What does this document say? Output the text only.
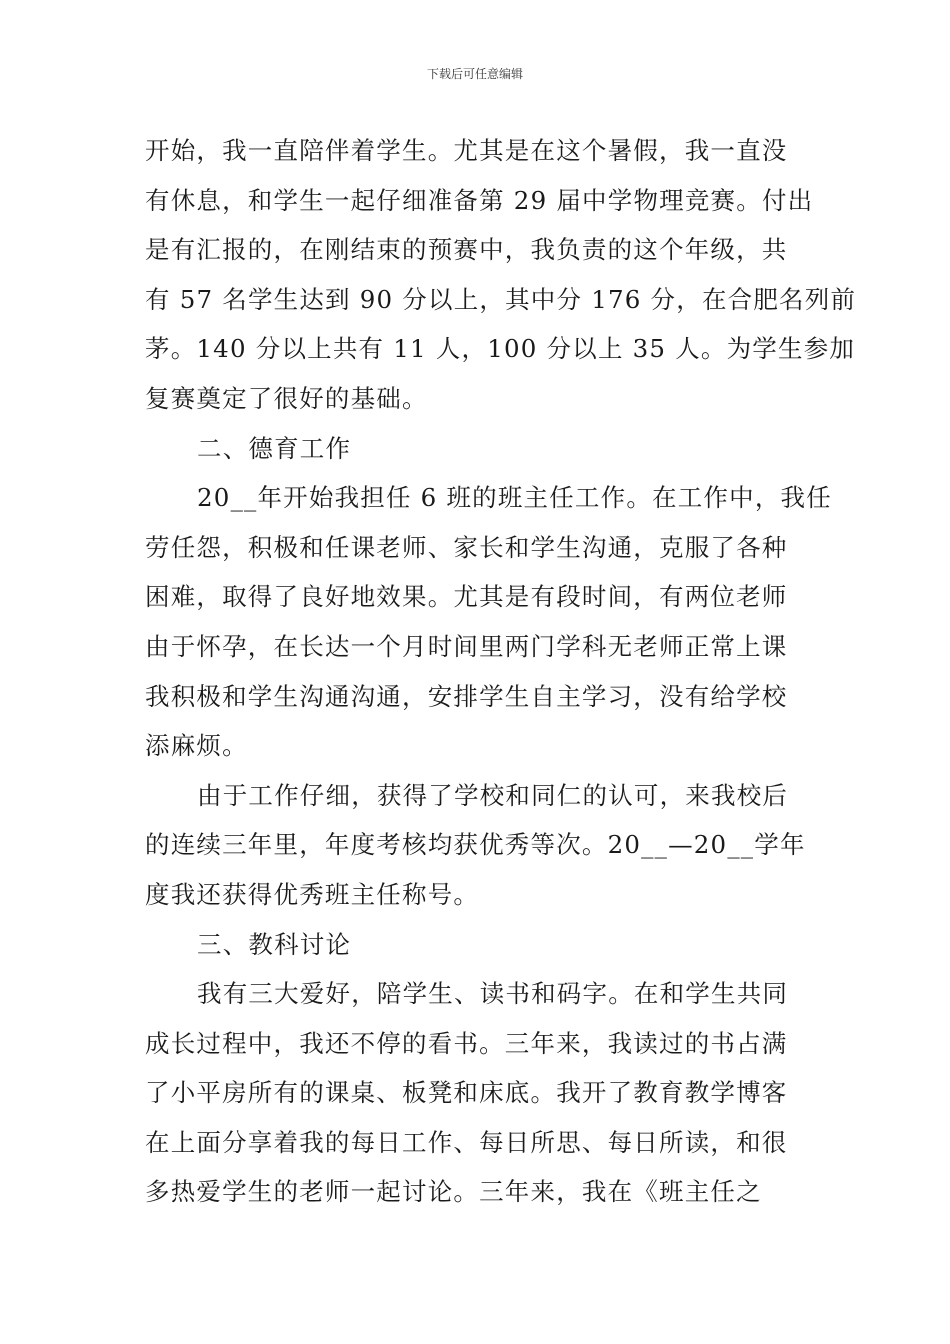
下载后可任意编辑
开始，我一直陪伴着学生。尤其是在这个暑假，我一直没
有休息，和学生一起仔细准备第 29 届中学物理竞赛。付出
是有汇报的，在刚结束的预赛中，我负责的这个年级，共
有 57 名学生达到 90 分以上，其中分 176 分，在合肥名列前
茅。140 分以上共有 11 人，100 分以上 35 人。为学生参加
复赛奠定了很好的基础。
二、德育工作
20__年开始我担任 6 班的班主任工作。在工作中，我任
劳任怨，积极和任课老师、家长和学生沟通，克服了各种
困难，取得了良好地效果。尤其是有段时间，有两位老师
由于怀孕，在长达一个月时间里两门学科无老师正常上课
我积极和学生沟通沟通，安排学生自主学习，没有给学校
添麻烦。
由于工作仔细，获得了学校和同仁的认可，来我校后
的连续三年里，年度考核均获优秀等次。20__—20__学年
度我还获得优秀班主任称号。
三、教科讨论
我有三大爱好，陪学生、读书和码字。在和学生共同
成长过程中，我还不停的看书。三年来，我读过的书占满
了小平房所有的课桌、板凳和床底。我开了教育教学博客
在上面分享着我的每日工作、每日所思、每日所读，和很
多热爱学生的老师一起讨论。三年来，我在《班主任之
